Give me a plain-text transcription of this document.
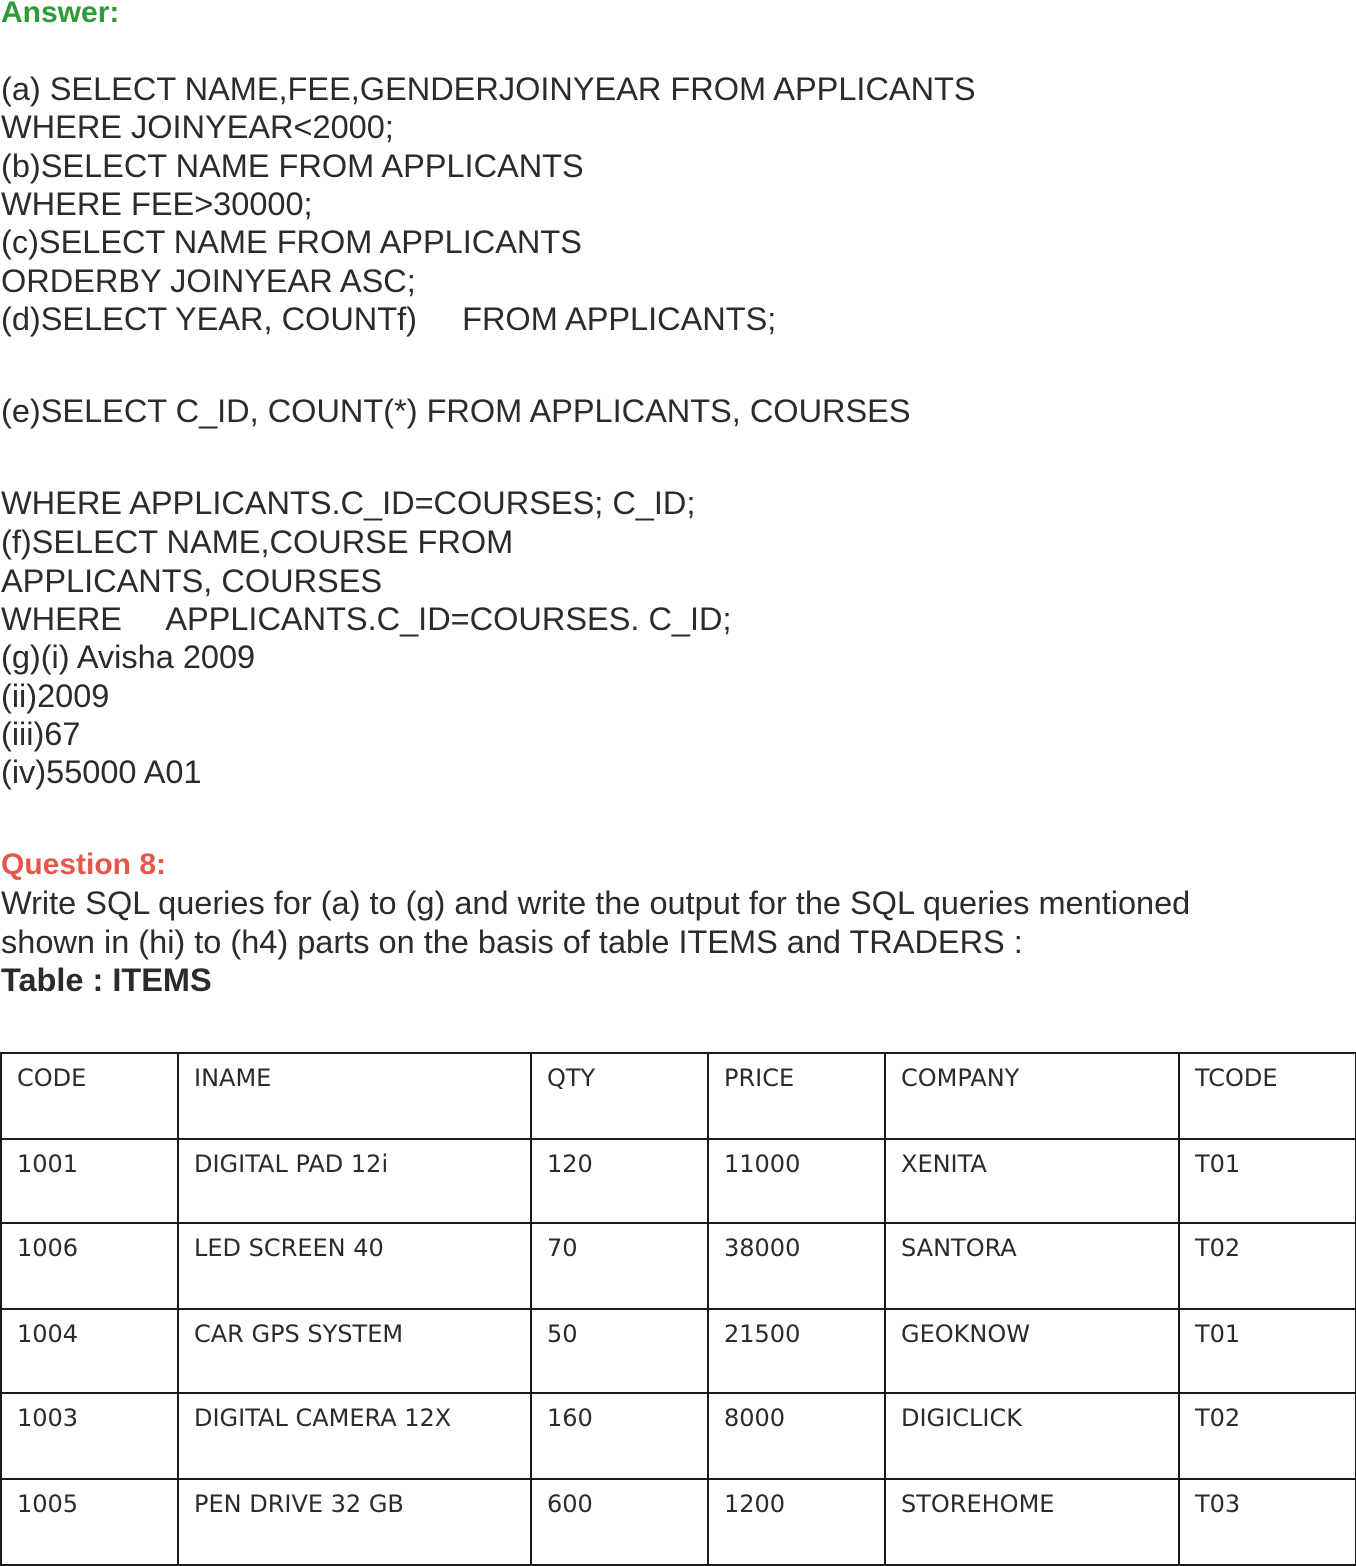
Answer:
(a) SELECT NAME,FEE,GENDERJOINYEAR FROM APPLICANTS
WHERE JOINYEAR<2000;
(b)SELECT NAME FROM APPLICANTS
WHERE FEE>30000;
(c)SELECT NAME FROM APPLICANTS
ORDERBY JOINYEAR ASC;
(d)SELECT YEAR, COUNTf)     FROM APPLICANTS;
(e)SELECT C_ID, COUNT(*) FROM APPLICANTS, COURSES
WHERE APPLICANTS.C_ID=COURSES; C_ID;
(f)SELECT NAME,COURSE FROM
APPLICANTS, COURSES
WHERE     APPLICANTS.C_ID=COURSES. C_ID;
(g)(i) Avisha 2009
(ii)2009
(iii)67
(iv)55000 A01
Question 8:
Write SQL queries for (a) to (g) and write the output for the SQL queries mentioned
shown in (hi) to (h4) parts on the basis of table ITEMS and TRADERS :
Table : ITEMS
CODE	INAME	QTY	PRICE	COMPANY	TCODE
1001	DIGITAL PAD 12i	120	11000	XENITA	T01
1006	LED SCREEN 40	70	38000	SANTORA	T02
1004	CAR GPS SYSTEM	50	21500	GEOKNOW	T01
1003	DIGITAL CAMERA 12X	160	8000	DIGICLICK	T02
1005	PEN DRIVE 32 GB	600	1200	STOREHOME	T03
